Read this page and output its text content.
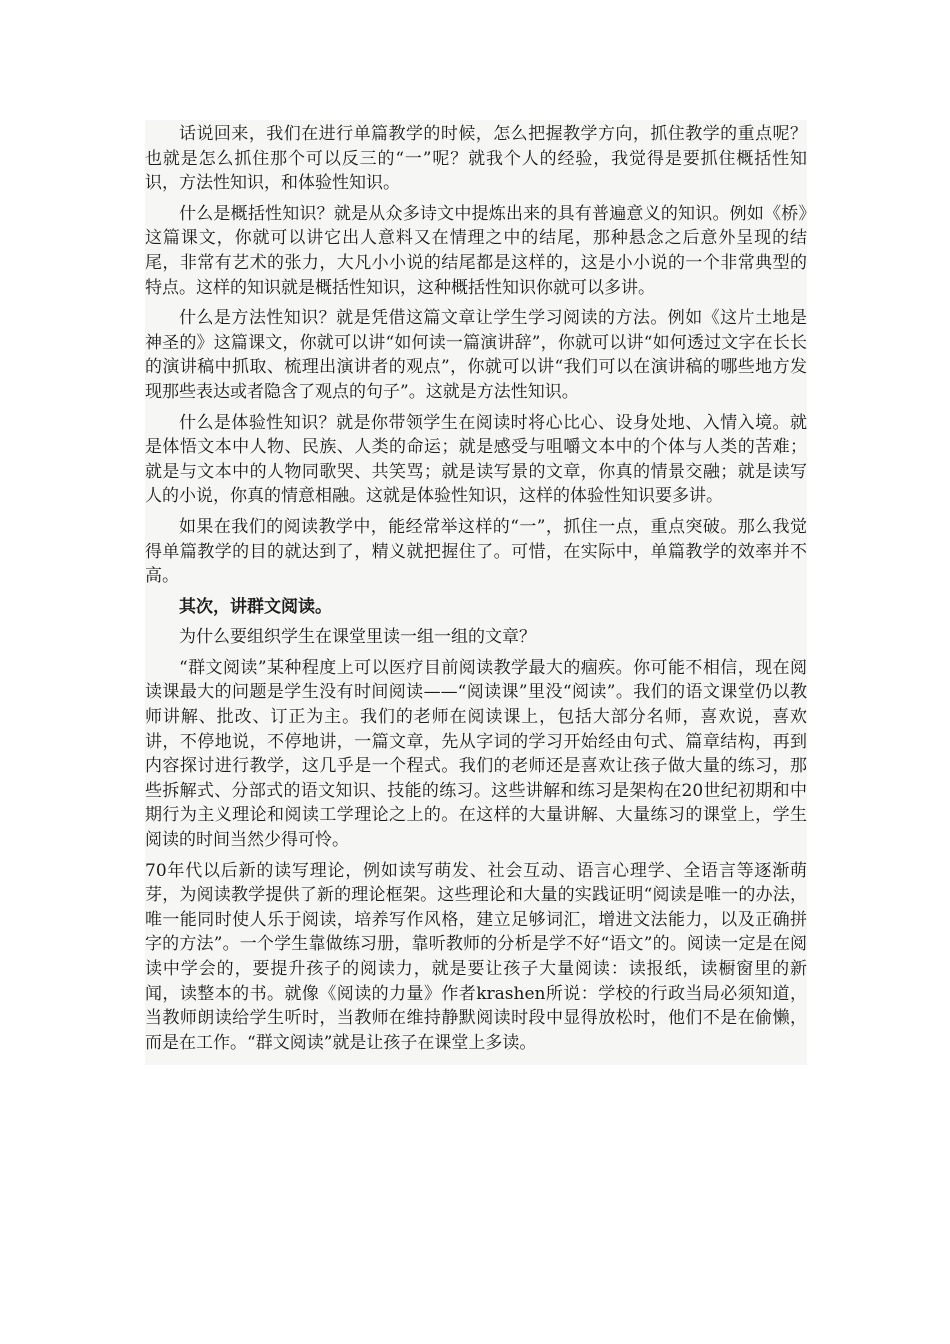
话说回来，我们在进行单篇教学的时候，怎么把握教学方向，抓住教学的重点呢？也就是怎么抓住那个可以反三的“一”呢？就我个人的经验，我觉得是要抓住概括性知识，方法性知识，和体验性知识。

什么是概括性知识？就是从众多诗文中提炼出来的具有普遍意义的知识。例如《桥》这篇课文，你就可以讲它出人意料又在情理之中的结尾，那种悬念之后意外呈现的结尾，非常有艺术的张力，大凡小小说的结尾都是这样的，这是小小说的一个非常典型的特点。这样的知识就是概括性知识，这种概括性知识你就可以多讲。

什么是方法性知识？就是凭借这篇文章让学生学习阅读的方法。例如《这片土地是神圣的》这篇课文，你就可以讲“如何读一篇演讲辞”，你就可以讲“如何透过文字在长长的演讲稿中抓取、梳理出演讲者的观点”，你就可以讲“我们可以在演讲稿的哪些地方发现那些表达或者隐含了观点的句子”。这就是方法性知识。

什么是体验性知识？就是你带领学生在阅读时将心比心、设身处地、入情入境。就是体悟文本中人物、民族、人类的命运；就是感受与咀嚼文本中的个体与人类的苦难；就是与文本中的人物同歌哭、共笑骂；就是读写景的文章，你真的情景交融；就是读写人的小说，你真的情意相融。这就是体验性知识，这样的体验性知识要多讲。

如果在我们的阅读教学中，能经常举这样的“一”，抓住一点，重点突破。那么我觉得单篇教学的目的就达到了，精义就把握住了。可惜，在实际中，单篇教学的效率并不高。

其次，讲群文阅读。

为什么要组织学生在课堂里读一组一组的文章？

“群文阅读”某种程度上可以医疗目前阅读教学最大的痼疾。你可能不相信，现在阅读课最大的问题是学生没有时间阅读——“阅读课”里没“阅读”。我们的语文课堂仍以教师讲解、批改、订正为主。我们的老师在阅读课上，包括大部分名师，喜欢说，喜欢讲，不停地说，不停地讲，一篇文章，先从字词的学习开始经由句式、篇章结构，再到内容探讨进行教学，这几乎是一个程式。我们的老师还是喜欢让孩子做大量的练习，那些拆解式、分部式的语文知识、技能的练习。这些讲解和练习是架构在20世纪初期和中期行为主义理论和阅读工学理论之上的。在这样的大量讲解、大量练习的课堂上，学生阅读的时间当然少得可怜。

70年代以后新的读写理论，例如读写萌发、社会互动、语言心理学、全语言等逐渐萌芽，为阅读教学提供了新的理论框架。这些理论和大量的实践证明“阅读是唯一的办法，唯一能同时使人乐于阅读，培养写作风格，建立足够词汇，增进文法能力，以及正确拼字的方法”。一个学生靠做练习册，靠听教师的分析是学不好“语文”的。阅读一定是在阅读中学会的，要提升孩子的阅读力，就是要让孩子大量阅读：读报纸，读橱窗里的新闻，读整本的书。就像《阅读的力量》作者krashen所说：学校的行政当局必须知道，当教师朗读给学生听时，当教师在维持静默阅读时段中显得放松时，他们不是在偷懒，而是在工作。“群文阅读”就是让孩子在课堂上多读。
